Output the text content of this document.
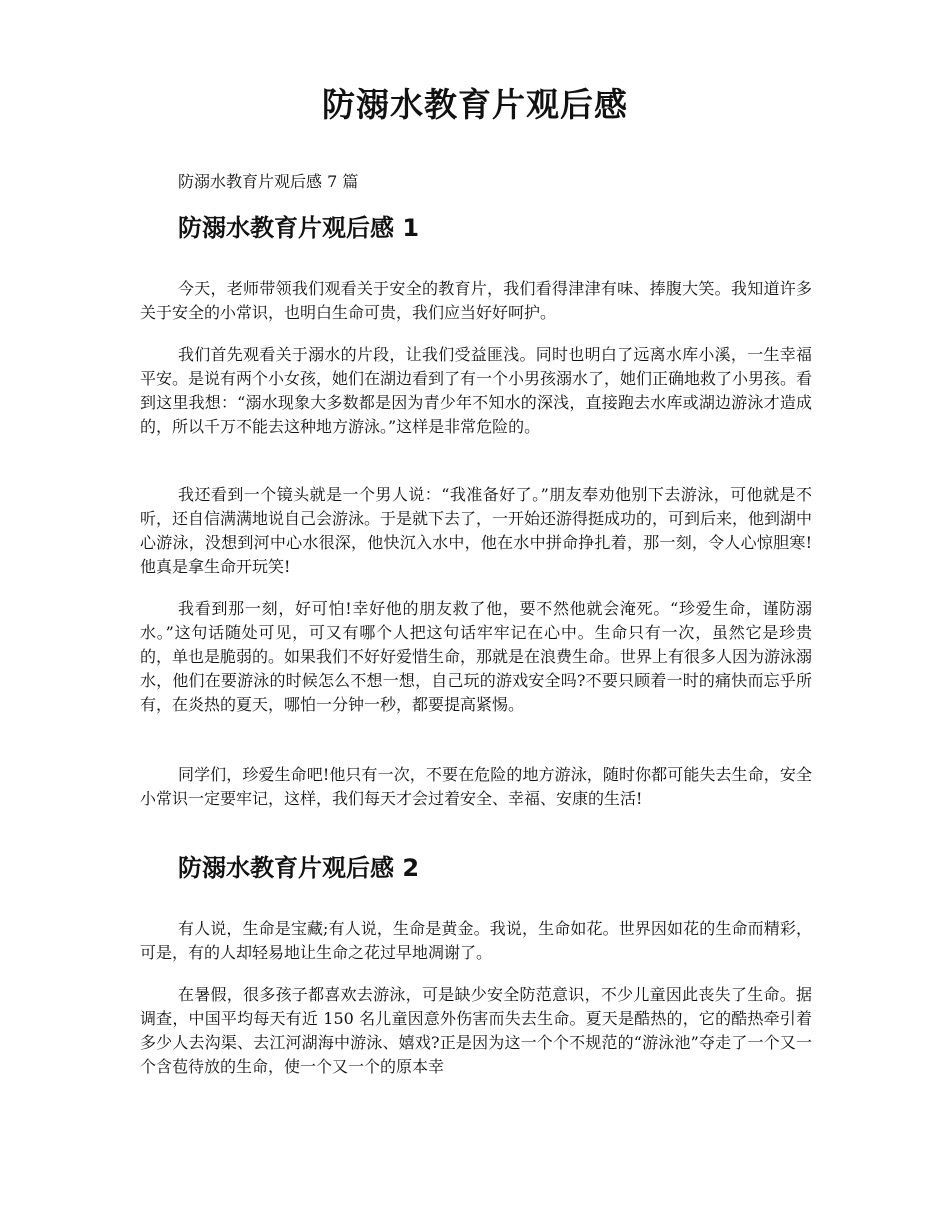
防溺水教育片观后感

防溺水教育片观后感 7 篇

防溺水教育片观后感 1

今天，老师带领我们观看关于安全的教育片，我们看得津津有味、捧腹大笑。我知道许多关于安全的小常识，也明白生命可贵，我们应当好好呵护。

我们首先观看关于溺水的片段，让我们受益匪浅。同时也明白了远离水库小溪，一生幸福平安。是说有两个小女孩，她们在湖边看到了有一个小男孩溺水了，她们正确地救了小男孩。看到这里我想：“溺水现象大多数都是因为青少年不知水的深浅，直接跑去水库或湖边游泳才造成的，所以千万不能去这种地方游泳。”这样是非常危险的。

我还看到一个镜头就是一个男人说：“我准备好了。”朋友奉劝他别下去游泳，可他就是不听，还自信满满地说自己会游泳。于是就下去了，一开始还游得挺成功的，可到后来，他到湖中心游泳，没想到河中心水很深，他快沉入水中，他在水中拼命挣扎着，那一刻，令人心惊胆寒!他真是拿生命开玩笑!

我看到那一刻，好可怕!幸好他的朋友救了他，要不然他就会淹死。“珍爱生命，谨防溺水。”这句话随处可见，可又有哪个人把这句话牢牢记在心中。生命只有一次，虽然它是珍贵的，单也是脆弱的。如果我们不好好爱惜生命，那就是在浪费生命。世界上有很多人因为游泳溺水，他们在要游泳的时候怎么不想一想，自己玩的游戏安全吗?不要只顾着一时的痛快而忘乎所有，在炎热的夏天，哪怕一分钟一秒，都要提高紧惕。

同学们，珍爱生命吧!他只有一次，不要在危险的地方游泳，随时你都可能失去生命，安全小常识一定要牢记，这样，我们每天才会过着安全、幸福、安康的生活!

防溺水教育片观后感 2

有人说，生命是宝藏;有人说，生命是黄金。我说，生命如花。世界因如花的生命而精彩，可是，有的人却轻易地让生命之花过早地凋谢了。

在暑假，很多孩子都喜欢去游泳，可是缺少安全防范意识，不少儿童因此丧失了生命。据调查，中国平均每天有近 150 名儿童因意外伤害而失去生命。夏天是酷热的，它的酷热牵引着多少人去沟渠、去江河湖海中游泳、嬉戏?正是因为这一个个不规范的“游泳池”夺走了一个又一个含苞待放的生命，使一个又一个的原本幸
